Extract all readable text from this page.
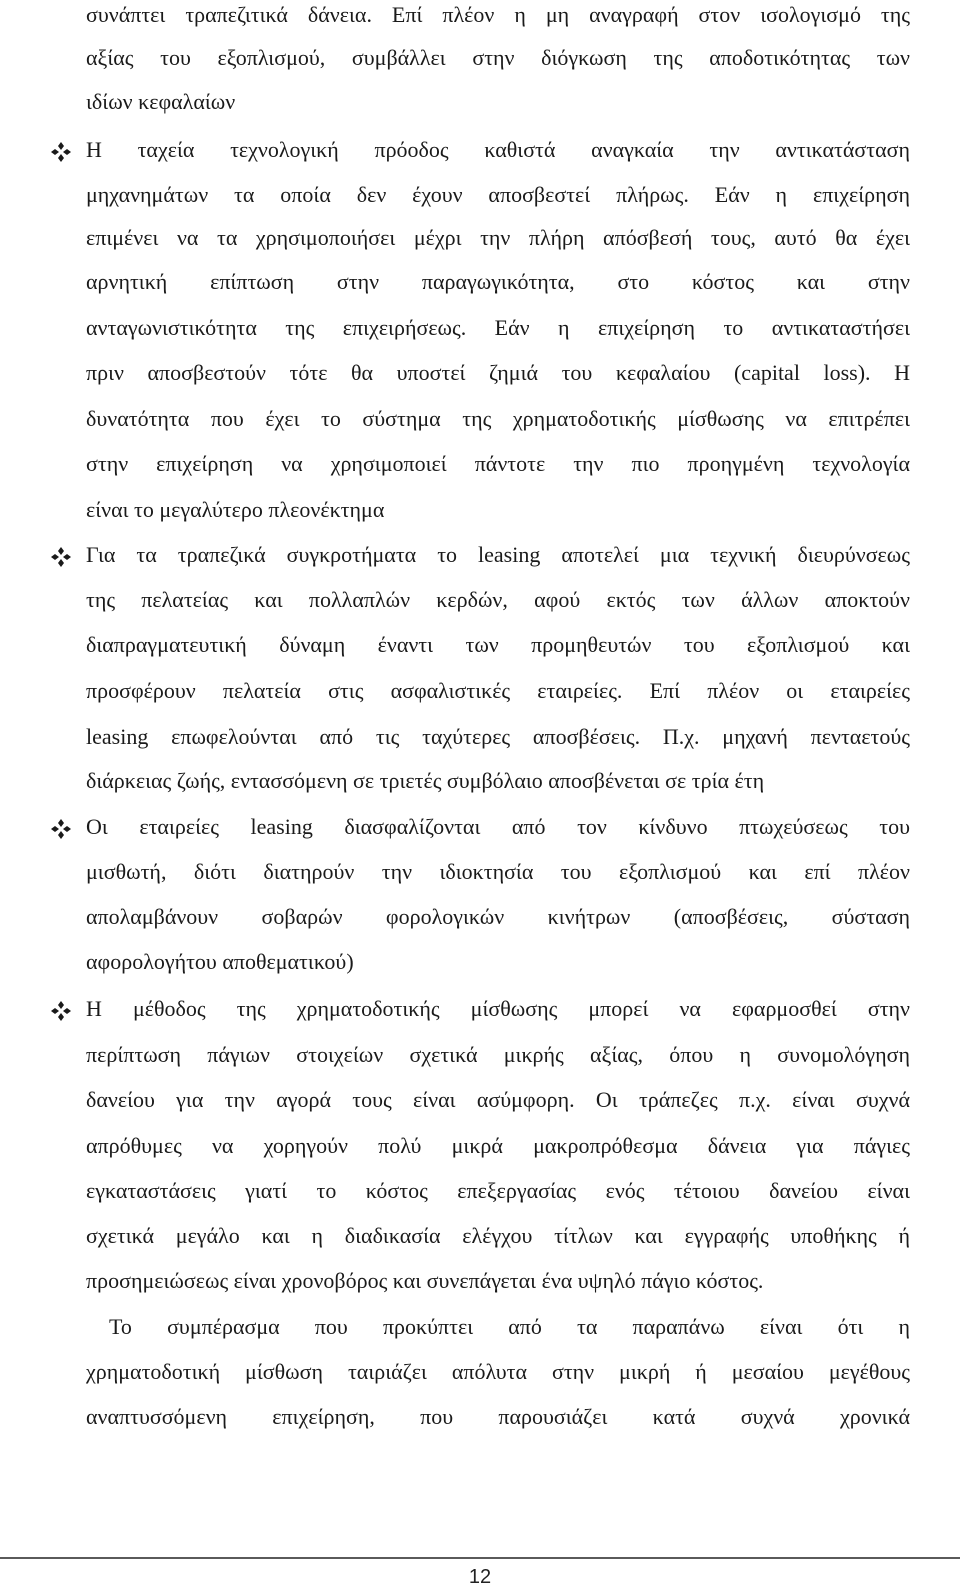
συνάπτει τραπεζιτικά δάνεια. Επί πλέον η μη αναγραφή στον ισολογισμό της
αξίας του εξοπλισμού, συμβάλλει στην διόγκωση της αποδοτικότητας των
ιδίων κεφαλαίων
Η ταχεία τεχνολογική πρόοδος καθιστά αναγκαία την αντικατάσταση
μηχανημάτων τα οποία δεν έχουν αποσβεστεί πλήρως. Εάν η επιχείρηση
επιμένει να τα χρησιμοποιήσει μέχρι την πλήρη απόσβεσή τους, αυτό θα έχει
αρνητική επίπτωση στην παραγωγικότητα, στο κόστος και στην
ανταγωνιστικότητα της επιχειρήσεως. Εάν η επιχείρηση το αντικαταστήσει
πριν αποσβεστούν τότε θα υποστεί ζημιά του κεφαλαίου (capital loss). Η
δυνατότητα που έχει το σύστημα της χρηματοδοτικής μίσθωσης να επιτρέπει
στην επιχείρηση να χρησιμοποιεί πάντοτε την πιο προηγμένη τεχνολογία
είναι το μεγαλύτερο πλεονέκτημα
Για τα τραπεζικά συγκροτήματα το leasing αποτελεί μια τεχνική διευρύνσεως
της πελατείας και πολλαπλών κερδών, αφού εκτός των άλλων αποκτούν
διαπραγματευτική δύναμη έναντι των προμηθευτών του εξοπλισμού και
προσφέρουν πελατεία στις ασφαλιστικές εταιρείες. Επί πλέον οι εταιρείες
leasing επωφελούνται από τις ταχύτερες αποσβέσεις. Π.χ. μηχανή πενταετούς
διάρκειας ζωής, εντασσόμενη σε τριετές συμβόλαιο αποσβένεται σε τρία έτη
Οι εταιρείες leasing διασφαλίζονται από τον κίνδυνο πτωχεύσεως του
μισθωτή, διότι διατηρούν την ιδιοκτησία του εξοπλισμού και επί πλέον
απολαμβάνουν σοβαρών φορολογικών κινήτρων (αποσβέσεις, σύσταση
αφορολογήτου αποθεματικού)
Η μέθοδος της χρηματοδοτικής μίσθωσης μπορεί να εφαρμοσθεί στην
περίπτωση πάγιων στοιχείων σχετικά μικρής αξίας, όπου η συνομολόγηση
δανείου για την αγορά τους είναι ασύμφορη. Οι τράπεζες π.χ. είναι συχνά
απρόθυμες να χορηγούν πολύ μικρά μακροπρόθεσμα δάνεια για πάγιες
εγκαταστάσεις γιατί το κόστος επεξεργασίας ενός τέτοιου δανείου είναι
σχετικά μεγάλο και η διαδικασία ελέγχου τίτλων και εγγραφής υποθήκης ή
προσημειώσεως είναι χρονοβόρος και συνεπάγεται ένα υψηλό πάγιο κόστος.
Το συμπέρασμα που προκύπτει από τα παραπάνω είναι ότι η
χρηματοδοτική μίσθωση ταιριάζει απόλυτα στην μικρή ή μεσαίου μεγέθους
αναπτυσσόμενη επιχείρηση, που παρουσιάζει κατά συχνά χρονικά
12
